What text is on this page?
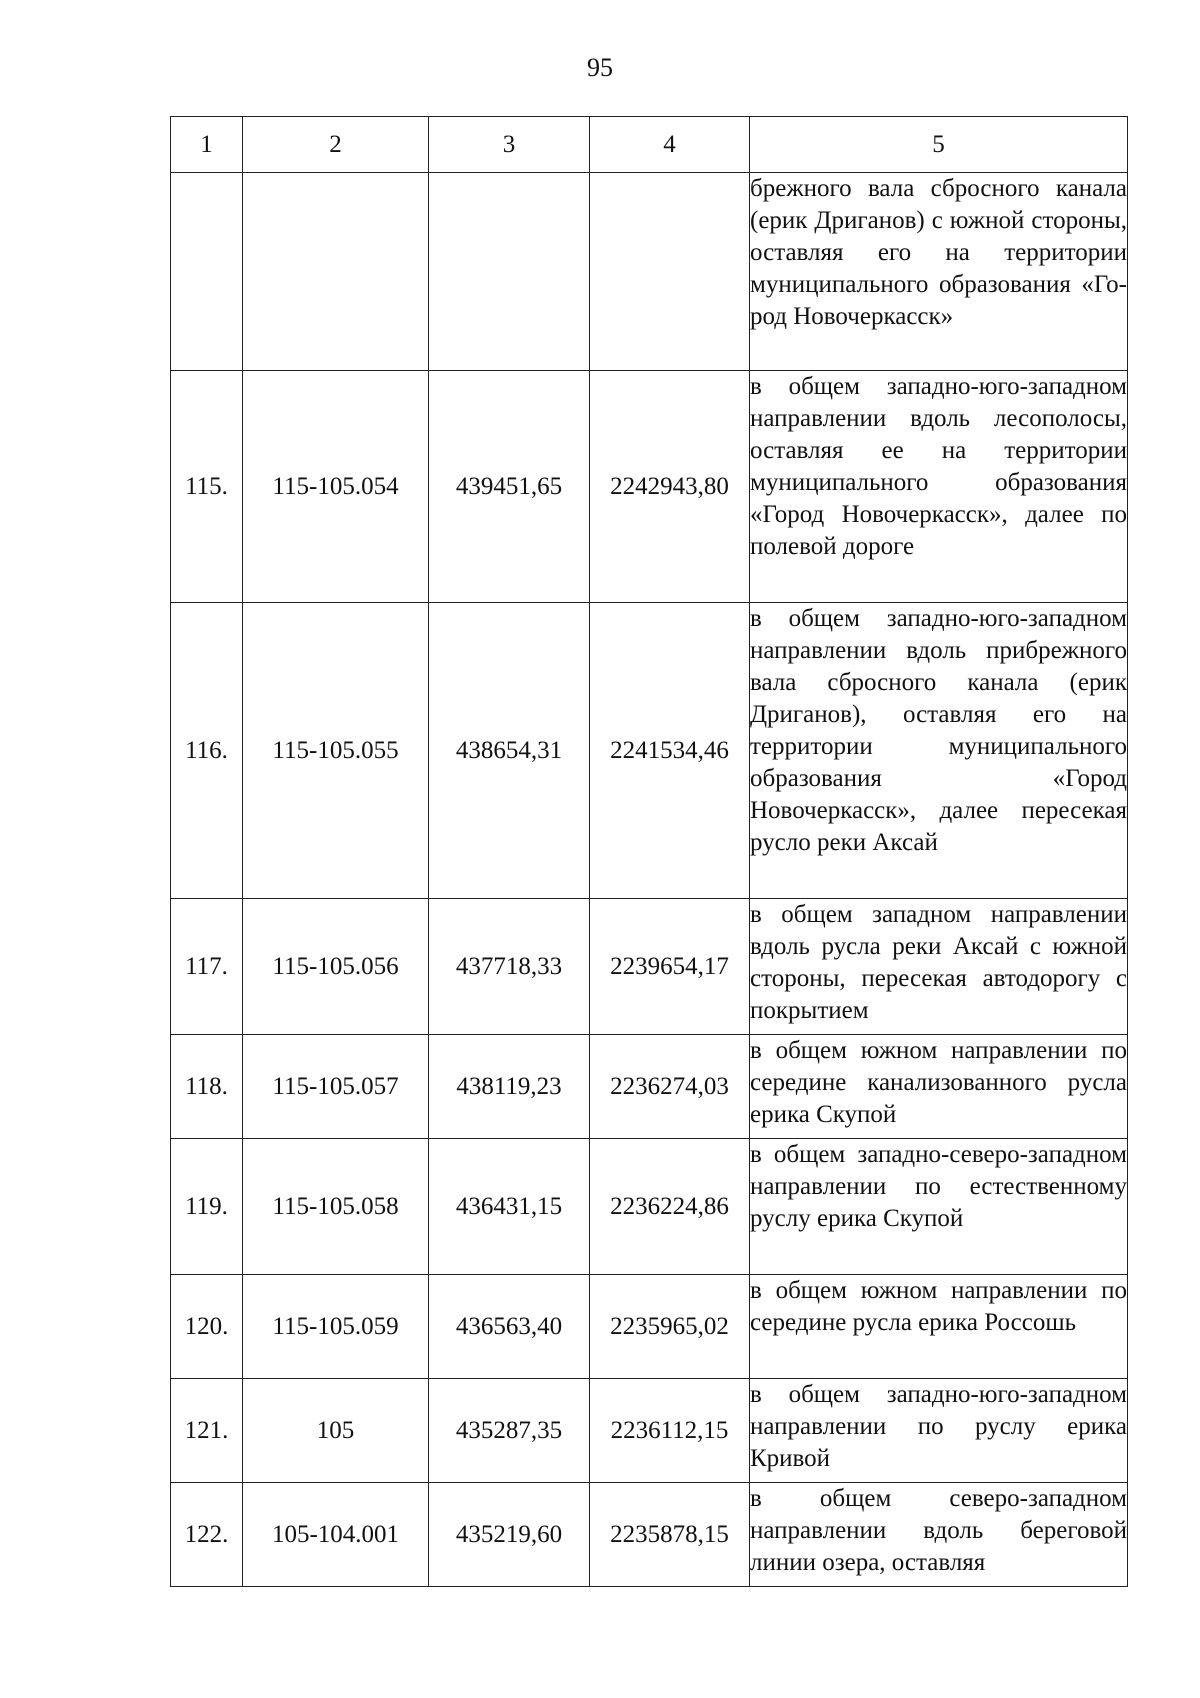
95
1	2	3	4	5

				брежного вала сбросного канала (ерик Дриганов) с южной стороны, оставляя его на территории муниципального образования «Город Новочеркасск»

115.	115-105.054	439451,65	2242943,80	в общем западно-юго-западном направлении вдоль лесополосы, оставляя ее на территории муниципального образования «Город Новочеркасск», далее по полевой дороге

116.	115-105.055	438654,31	2241534,46	в общем западно-юго-западном направлении вдоль прибрежного вала сбросного канала (ерик Дриганов), оставляя его на территории муниципального образования «Город Новочеркасск», далее пересекая русло реки Аксай

117.	115-105.056	437718,33	2239654,17	в общем западном направлении вдоль русла реки Аксай с южной стороны, пересекая автодорогу с покрытием

118.	115-105.057	438119,23	2236274,03	в общем южном направлении по середине канализованного русла ерика Скупой

119.	115-105.058	436431,15	2236224,86	в общем западно-северо-западном направлении по естественному руслу ерика Скупой

120.	115-105.059	436563,40	2235965,02	в общем южном направлении по середине русла ерика Россошь

121.	105	435287,35	2236112,15	в общем западно-юго-западном направлении по руслу ерика Кривой

122.	105-104.001	435219,60	2235878,15	в общем северо-западном направлении вдоль береговой линии озера, оставляя
